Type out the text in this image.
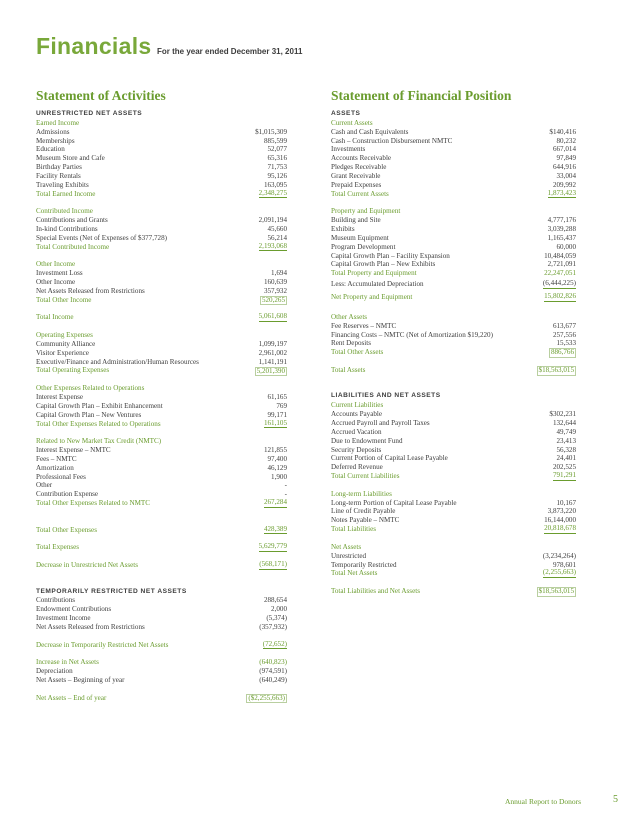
Financials For the year ended December 31, 2011
Statement of Activities
UNRESTRICTED NET ASSETS
Earned Income
Admissions	$1,015,309
Memberships	885,599
Education	52,077
Museum Store and Cafe	65,316
Birthday Parties	71,753
Facility Rentals	95,126
Traveling Exhibits	163,095
Total Earned Income	2,348,275
Contributed Income
Contributions and Grants	2,091,194
In-kind Contributions	45,660
Special Events (Net of Expenses of $377,728)	56,214
Total Contributed Income	2,193,068
Other Income
Investment Loss	1,694
Other Income	160,639
Net Assets Released from Restrictions	357,932
Total Other Income	520,265
Total Income	5,061,608
Operating Expenses
Community Alliance	1,099,197
Visitor Experience	2,961,002
Executive/Finance and Administration/Human Resources	1,141,191
Total Operating Expenses	5,201,390
Other Expenses Related to Operations
Interest Expense	61,165
Capital Growth Plan – Exhibit Enhancement	769
Capital Growth Plan – New Ventures	99,171
Total Other Expenses Related to Operations	161,105
Related to New Market Tax Credit (NMTC)
Interest Expense – NMTC	121,855
Fees – NMTC	97,400
Amortization	46,129
Professional Fees	1,900
Other	-
Contribution Expense	-
Total Other Expenses Related to NMTC	267,284
Total Other Expenses	428,389
Total Expenses	5,629,779
Decrease in Unrestricted Net Assets	(568,171)
TEMPORARILY RESTRICTED NET ASSETS
Contributions	288,654
Endowment Contributions	2,000
Investment Income	(5,374)
Net Assets Released from Restrictions	(357,932)
Decrease in Temporarily Restricted Net Assets	(72,652)
Increase in Net Assets	(640,823)
Depreciation	(974,591)
Net Assets – Beginning of year	(640,249)
Net Assets – End of year	($2,255,663)
Statement of Financial Position
ASSETS
Current Assets
Cash and Cash Equivalents	$140,416
Cash – Construction Disbursement NMTC	80,232
Investments	667,014
Accounts Receivable	97,849
Pledges Receivable	644,916
Grant Receivable	33,004
Prepaid Expenses	209,992
Total Current Assets	1,873,423
Property and Equipment
Building and Site	4,777,176
Exhibits	3,039,288
Museum Equipment	1,165,437
Program Development	60,000
Capital Growth Plan – Facility Expansion	10,484,059
Capital Growth Plan – New Exhibits	2,721,091
Total Property and Equipment	22,247,051
Less: Accumulated Depreciation	(6,444,225)
Net Property and Equipment	15,802,826
Other Assets
Fee Reserves – NMTC	613,677
Financing Costs – NMTC (Net of Amortization $19,220)	257,556
Rent Deposits	15,533
Total Other Assets	886,766
Total Assets	$18,563,015
LIABILITIES AND NET ASSETS
Current Liabilities
Accounts Payable	$302,231
Accrued Payroll and Payroll Taxes	132,644
Accrued Vacation	49,749
Due to Endowment Fund	23,413
Security Deposits	56,328
Current Portion of Capital Lease Payable	24,401
Deferred Revenue	202,525
Total Current Liabilities	791,291
Long-term Liabilities
Long-term Portion of Capital Lease Payable	10,167
Line of Credit Payable	3,873,220
Notes Payable – NMTC	16,144,000
Total Liabilities	20,818,678
Net Assets
Unrestricted	(3,234,264)
Temporarily Restricted	978,601
Total Net Assets	(2,255,663)
Total Liabilities and Net Assets	$18,563,015
Annual Report to Donors	5
